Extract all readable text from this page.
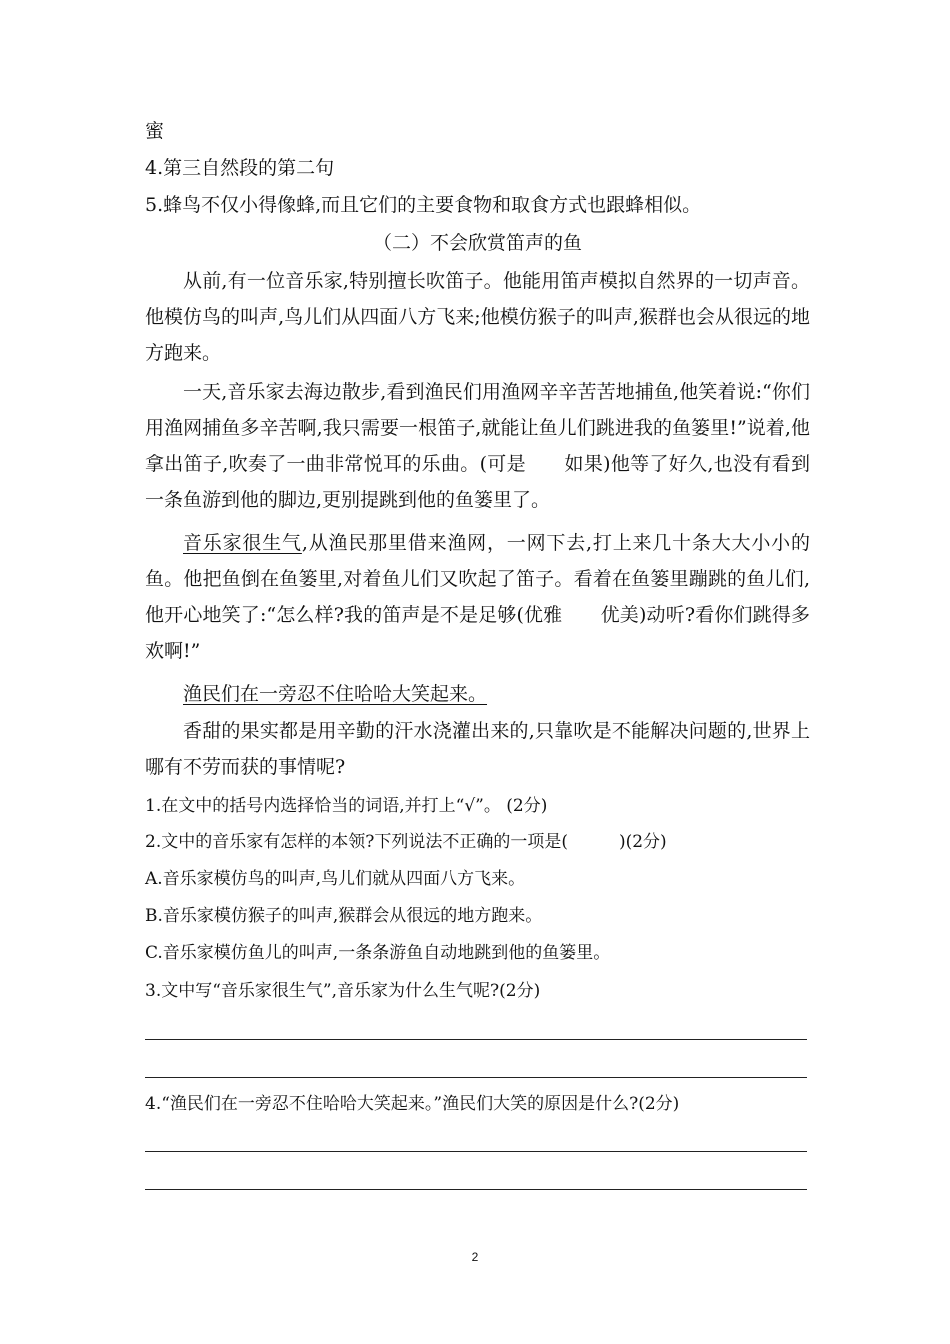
蜜
4.第三自然段的第二句
5.蜂鸟不仅小得像蜂,而且它们的主要食物和取食方式也跟蜂相似。
（二）不会欣赏笛声的鱼
从前,有一位音乐家,特别擅长吹笛子。他能用笛声模拟自然界的一切声音。他模仿鸟的叫声,鸟儿们从四面八方飞来;他模仿猴子的叫声,猴群也会从很远的地方跑来。
一天,音乐家去海边散步,看到渔民们用渔网辛辛苦苦地捕鱼,他笑着说:“你们用渔网捕鱼多辛苦啊,我只需要一根笛子,就能让鱼儿们跳进我的鱼篓里!”说着,他拿出笛子,吹奏了一曲非常悦耳的乐曲。(可是　　如果)他等了好久,也没有看到一条鱼游到他的脚边,更别提跳到他的鱼篓里了。
音乐家很生气,从渔民那里借来渔网，一网下去,打上来几十条大大小小的鱼。他把鱼倒在鱼篓里,对着鱼儿们又吹起了笛子。看着在鱼篓里蹦跳的鱼儿们,他开心地笑了:“怎么样?我的笛声是不是足够(优雅　　优美)动听?看你们跳得多欢啊!”
渔民们在一旁忍不住哈哈大笑起来。
香甜的果实都是用辛勤的汗水浇灌出来的,只靠吹是不能解决问题的,世界上哪有不劳而获的事情呢?
1.在文中的括号内选择恰当的词语,并打上“√”。 (2分)
2.文中的音乐家有怎样的本领?下列说法不正确的一项是(　　　)(2分)
A.音乐家模仿鸟的叫声,鸟儿们就从四面八方飞来。
B.音乐家模仿猴子的叫声,猴群会从很远的地方跑来。
C.音乐家模仿鱼儿的叫声,一条条游鱼自动地跳到他的鱼篓里。
3.文中写“音乐家很生气”,音乐家为什么生气呢?(2分)
4.“渔民们在一旁忍不住哈哈大笑起来。”渔民们大笑的原因是什么?(2分)
2
